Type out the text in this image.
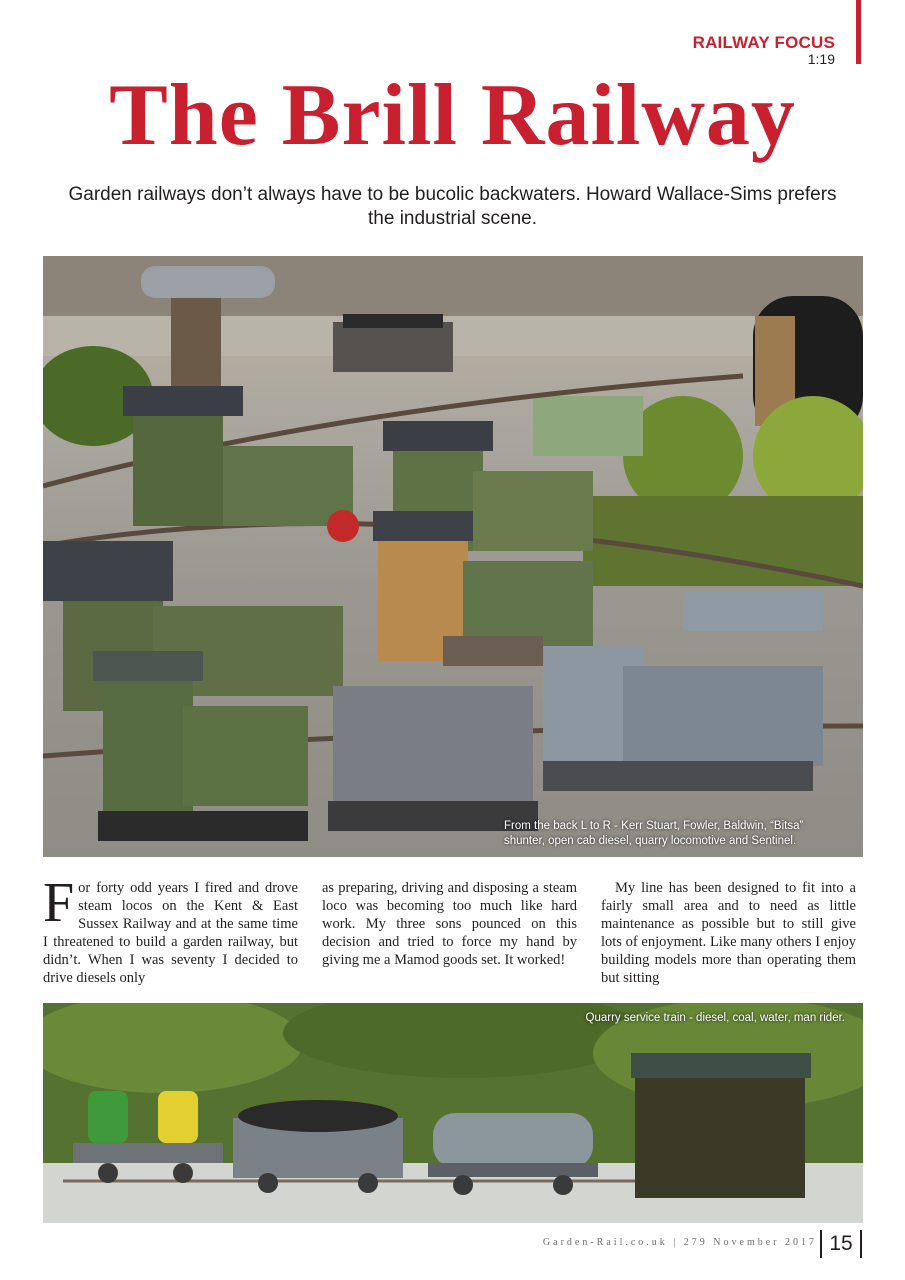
RAILWAY FOCUS
1:19
The Brill Railway

Garden railways don’t always have to be bucolic backwaters. Howard Wallace-Sims prefers the industrial scene.

From the back L to R - Kerr Stuart, Fowler, Baldwin, “Bitsa” shunter, open cab diesel, quarry locomotive and Sentinel.
For forty odd years I fired and drove steam locos on the Kent & East Sussex Railway and at the same time I threatened to build a garden railway, but didn’t. When I was seventy I decided to drive diesels only
as preparing, driving and disposing a steam loco was becoming too much like hard work. My three sons pounced on this decision and tried to force my hand by giving me a Mamod goods set. It worked!
My line has been designed to fit into a fairly small area and to need as little maintenance as possible but to still give lots of enjoyment. Like many others I enjoy building models more than operating them but sitting
Quarry service train - diesel, coal, water, man rider.
Garden-Rail.co.uk | 279 November 2017 15
